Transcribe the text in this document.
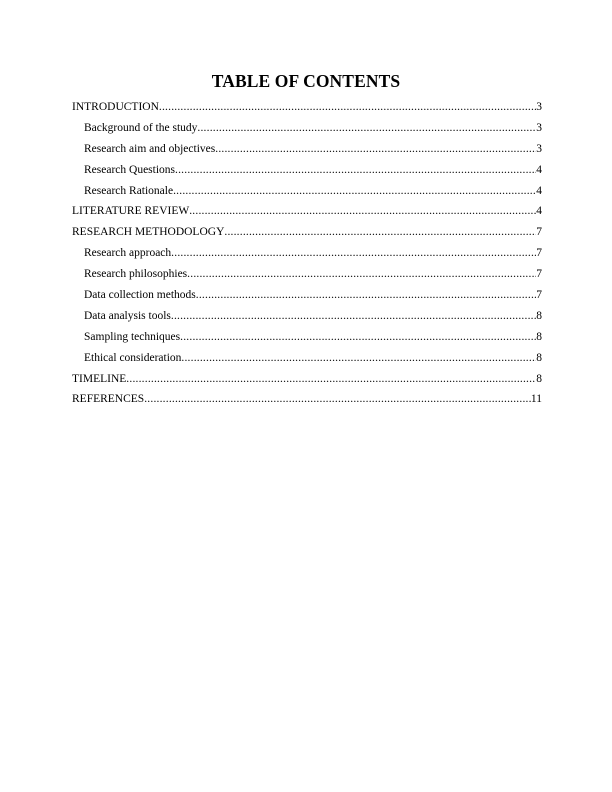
TABLE OF CONTENTS
INTRODUCTION .....	3
Background of the study .....	3
Research aim and objectives .....	3
Research Questions .....	4
Research Rationale .....	4
LITERATURE REVIEW .....	4
RESEARCH METHODOLOGY .....	7
Research approach .....	7
Research philosophies .....	7
Data collection methods .....	7
Data analysis tools .....	8
Sampling techniques .....	8
Ethical consideration .....	8
TIMELINE .....	8
REFERENCES .....	11
